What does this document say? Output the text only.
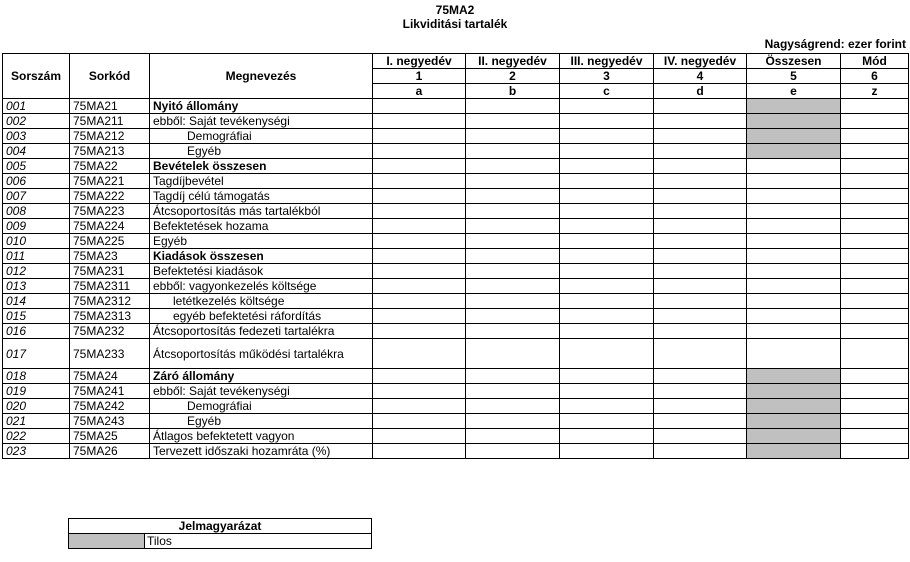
75MA2
Likviditási tartalék
Nagyságrend: ezer forint
Sorszám	Sorkód	Megnevezés	I. negyedév	II. negyedév	III. negyedév	IV. negyedév	Összesen	Mód
			1	2	3	4	5	6
			a	b	c	d	e	z
001	75MA21	Nyitó állomány						
002	75MA211	ebből: Saját tevékenységi						
003	75MA212	Demográfiai						
004	75MA213	Egyéb						
005	75MA22	Bevételek összesen						
006	75MA221	Tagdíjbevétel						
007	75MA222	Tagdíj célú támogatás						
008	75MA223	Átcsoportosítás más tartalékból						
009	75MA224	Befektetések hozama						
010	75MA225	Egyéb						
011	75MA23	Kiadások összesen						
012	75MA231	Befektetési kiadások						
013	75MA2311	ebből: vagyonkezelés költsége						
014	75MA2312	letétkezelés költsége						
015	75MA2313	egyéb befektetési ráfordítás						
016	75MA232	Átcsoportosítás fedezeti tartalékra						
017	75MA233	Átcsoportosítás működési tartalékra						
018	75MA24	Záró állomány						
019	75MA241	ebből: Saját tevékenységi						
020	75MA242	Demográfiai						
021	75MA243	Egyéb						
022	75MA25	Átlagos befektetett vagyon						
023	75MA26	Tervezett időszaki hozamráta (%)						
Jelmagyarázat
	Tilos
